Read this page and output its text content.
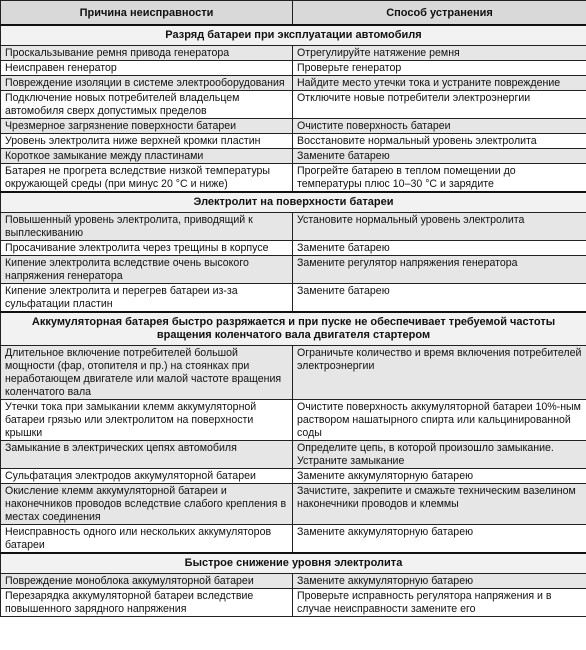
Причина неисправности	Способ устранения
Разряд батареи при эксплуатации автомобиля	
Проскальзывание ремня привода генератора	Отрегулируйте натяжение ремня
Неисправен генератор	Проверьте генератор
Повреждение изоляции в системе электрооборудования	Найдите место утечки тока и устраните повреждение
Подключение новых потребителей владельцем автомобиля сверх допустимых пределов	Отключите новые потребители электроэнергии
Чрезмерное загрязнение поверхности батареи	Очистите поверхность батареи
Уровень электролита ниже верхней кромки пластин	Восстановите нормальный уровень электролита
Короткое замыкание между пластинами	Замените батарею
Батарея не прогрета вследствие низкой температуры окружающей среды (при минус 20 °С и ниже)	Прогрейте батарею в теплом помещении до температуры плюс 10–30 °С и зарядите
Электролит на поверхности батареи	
Повышенный уровень электролита, приводящий к выплескиванию	Установите нормальный уровень электролита
Просачивание электролита через трещины в корпусе	Замените батарею
Кипение электролита вследствие очень высокого напряжения генератора	Замените регулятор напряжения генератора
Кипение электролита и перегрев батареи из-за сульфатации пластин	Замените батарею
Аккумуляторная батарея быстро разряжается и при пуске не обеспечивает требуемой частоты вращения коленчатого вала двигателя стартером	
Длительное включение потребителей большой мощности (фар, отопителя и пр.) на стоянках при неработающем двигателе или малой частоте вращения коленчатого вала	Ограничьте количество и время включения потребителей электроэнергии
Утечки тока при замыкании клемм аккумуляторной батареи грязью или электролитом на поверхности крышки	Очистите поверхность аккумуляторной батареи 10%-ным раствором нашатырного спирта или кальцинированной соды
Замыкание в электрических цепях автомобиля	Определите цепь, в которой произошло замыкание. Устраните замыкание
Сульфатация электродов аккумуляторной батареи	Замените аккумуляторную батарею
Окисление клемм аккумуляторной батареи и наконечников проводов вследствие слабого крепления в местах соединения	Зачистите, закрепите и смажьте техническим вазелином наконечники проводов и клеммы
Неисправность одного или нескольких аккумуляторов батареи	Замените аккумуляторную батарею
Быстрое снижение уровня электролита	
Повреждение моноблока аккумуляторной батареи	Замените аккумуляторную батарею
Перезарядка аккумуляторной батареи вследствие повышенного зарядного напряжения	Проверьте исправность регулятора напряжения и в случае неисправности замените его
